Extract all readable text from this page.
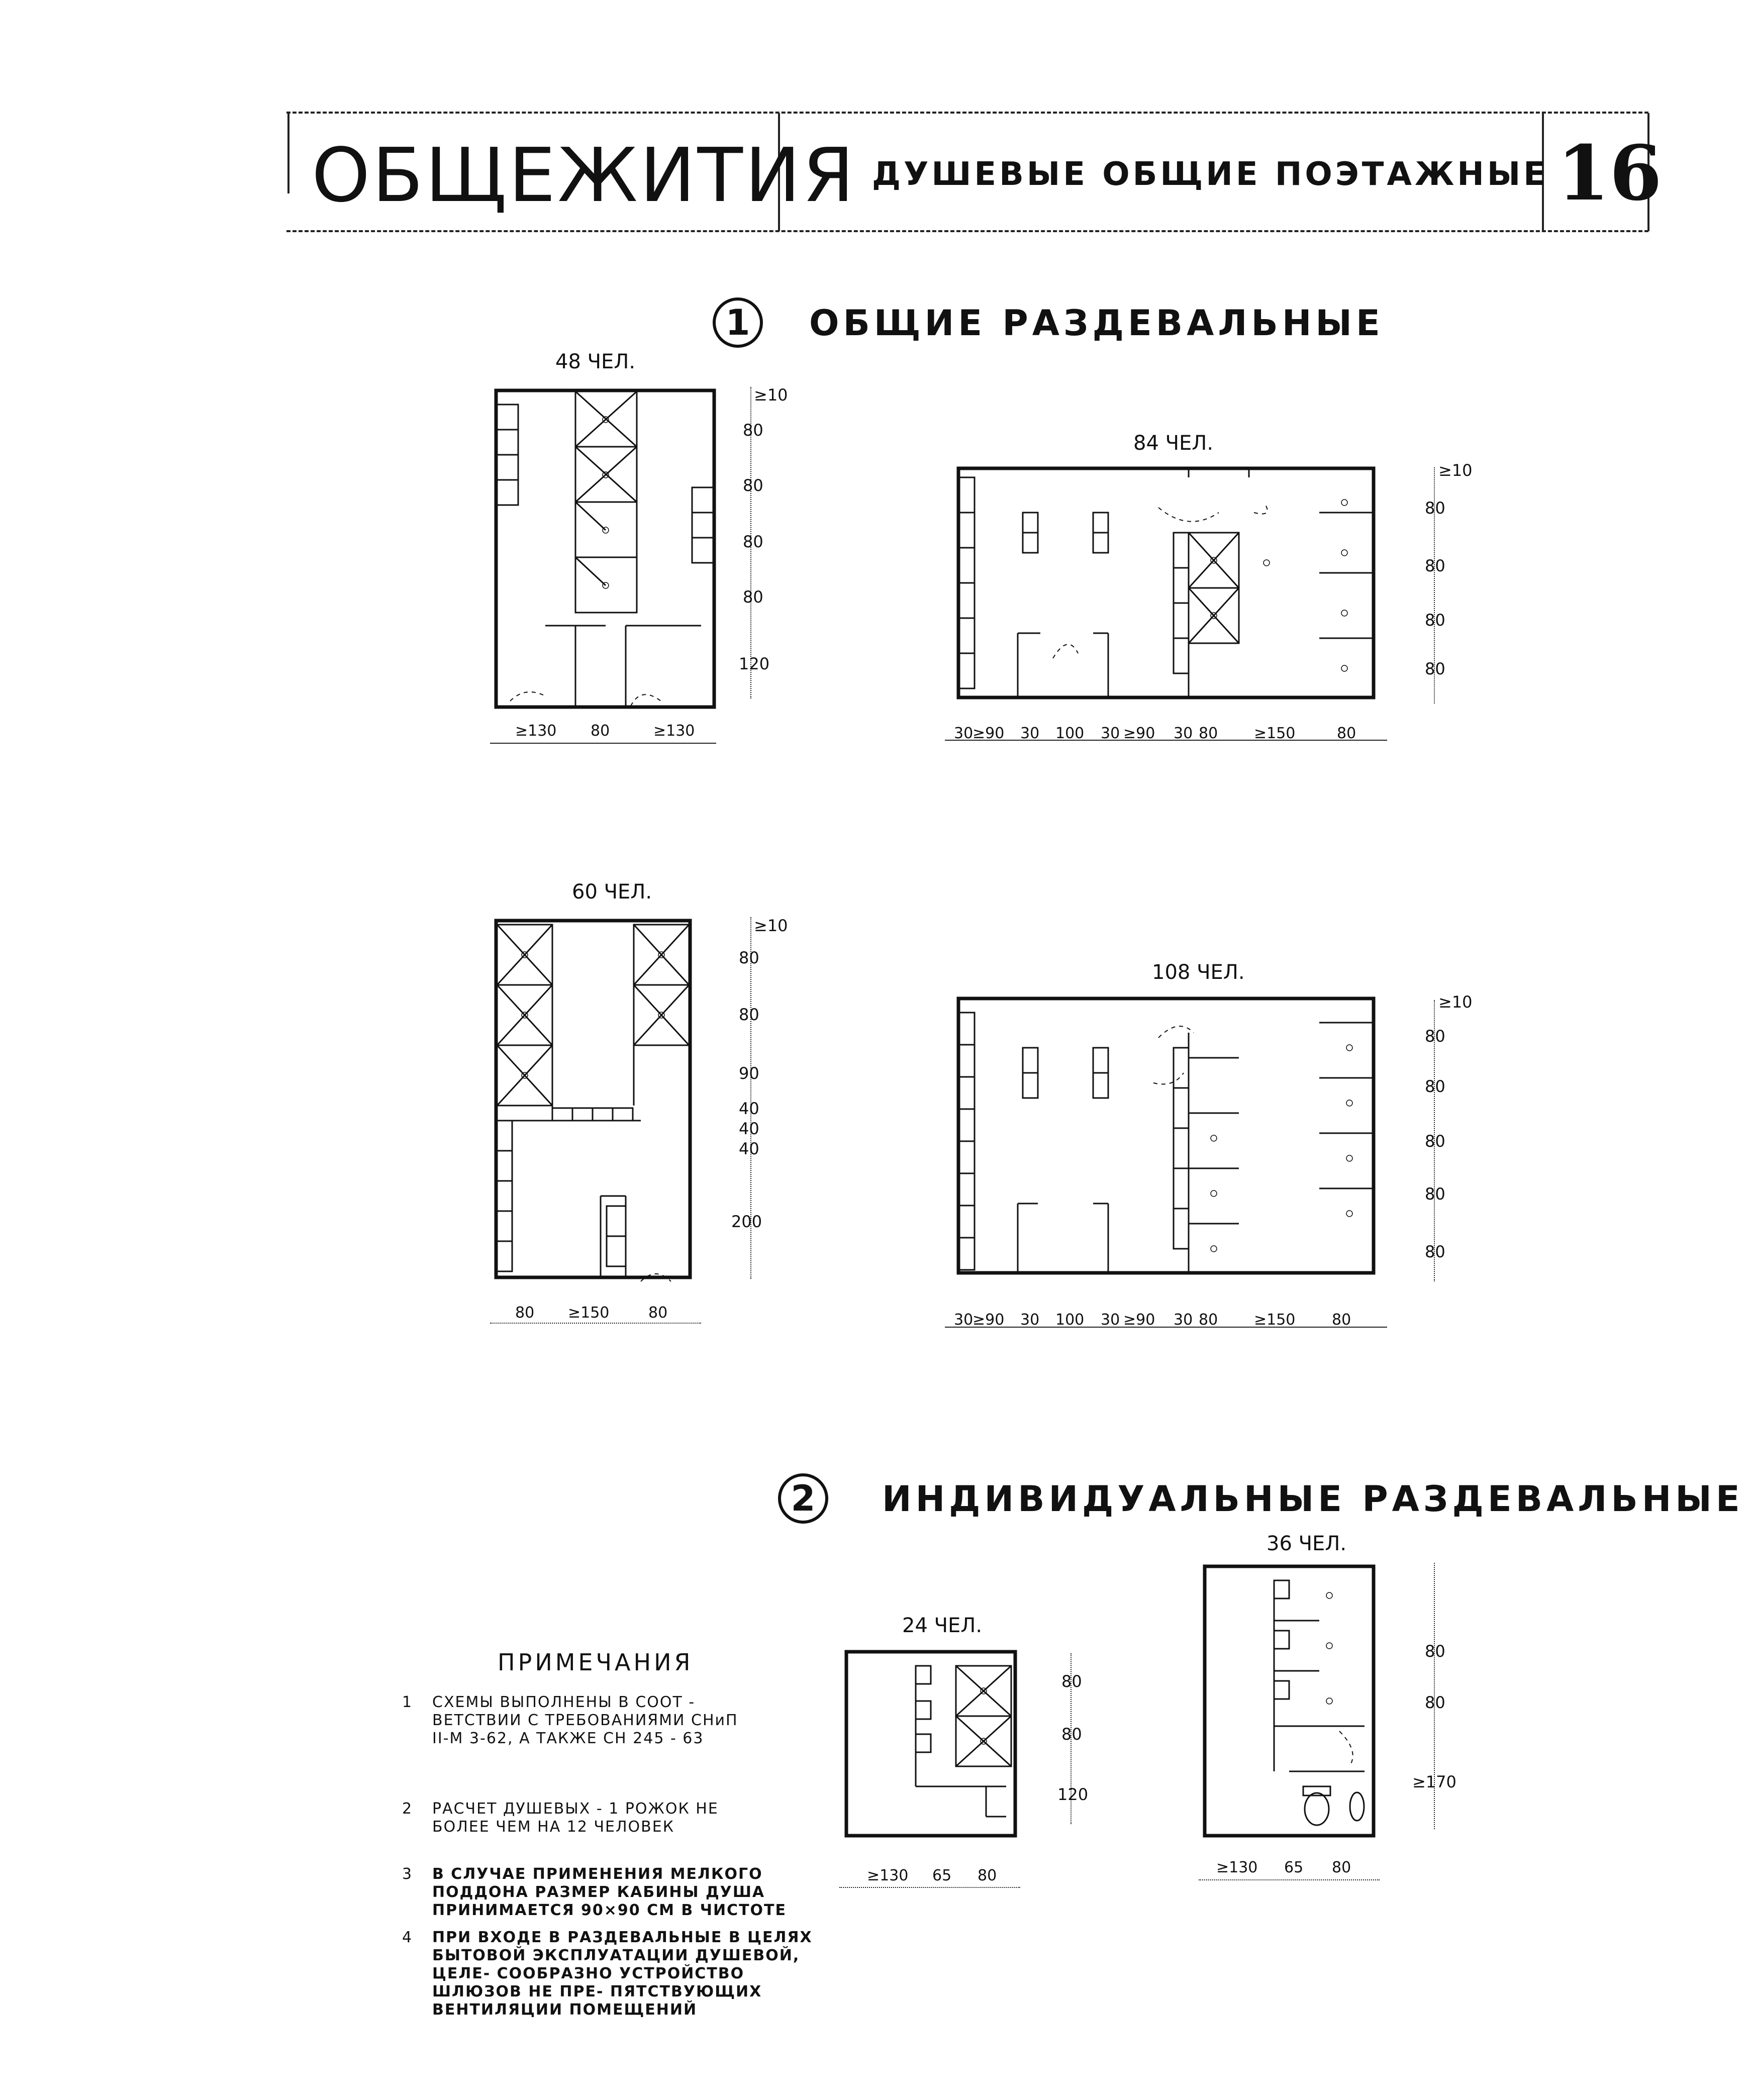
ОБЩЕЖИТИЯ ДУШЕВЫЕ ОБЩИЕ ПОЭТАЖНЫЕ 16
1	ОБЩИЕ РАЗДЕВАЛЬНЫЕ
48 ЧЕЛ.
≥10
80
80
80
80
120
≥130 80	≥130
84 ЧЕЛ.
≥10
80
80
80
80
30
≥90 30 100 30 ≥90 30 80 ≥150	80
60 ЧЕЛ.
≥10
80
80
90
40
40
40
200
80 ≥150	80
108 ЧЕЛ.
≥10
80
80
80
80
80
30
≥90 30 100 30 ≥90 30 80 ≥150 80
2	ИНДИВИДУАЛЬНЫЕ РАЗДЕВАЛЬНЫЕ
24 ЧЕЛ.
80
80
120
≥130 65 80
36 ЧЕЛ.
80
80
≥170
≥130 65 80
ПРИМЕЧАНИЯ
1 СХЕМЫ ВЫПОЛНЕНЫ В СООТ - ВЕТСТВИИ С ТРЕБОВАНИЯМИ СНиП II-М 3-62, А ТАКЖЕ СН 245 - 63
2 РАСЧЕТ ДУШЕВЫХ - 1 РОЖОК НЕ БОЛЕЕ ЧЕМ НА 12 ЧЕЛОВЕК
3 В СЛУЧАЕ ПРИМЕНЕНИЯ МЕЛКОГО ПОДДОНА РАЗМЕР КАБИНЫ ДУША ПРИНИМАЕТСЯ 90×90 СМ В ЧИСТОТЕ
4 ПРИ ВХОДЕ В РАЗДЕВАЛЬНЫЕ В ЦЕЛЯХ БЫТОВОЙ ЭКСПЛУАТАЦИИ ДУШЕВОЙ, ЦЕЛЕ- СООБРАЗНО УСТРОЙСТВО ШЛЮЗОВ НЕ ПРЕ- ПЯТСТВУЮЩИХ ВЕНТИЛЯЦИИ ПОМЕЩЕНИЙ
